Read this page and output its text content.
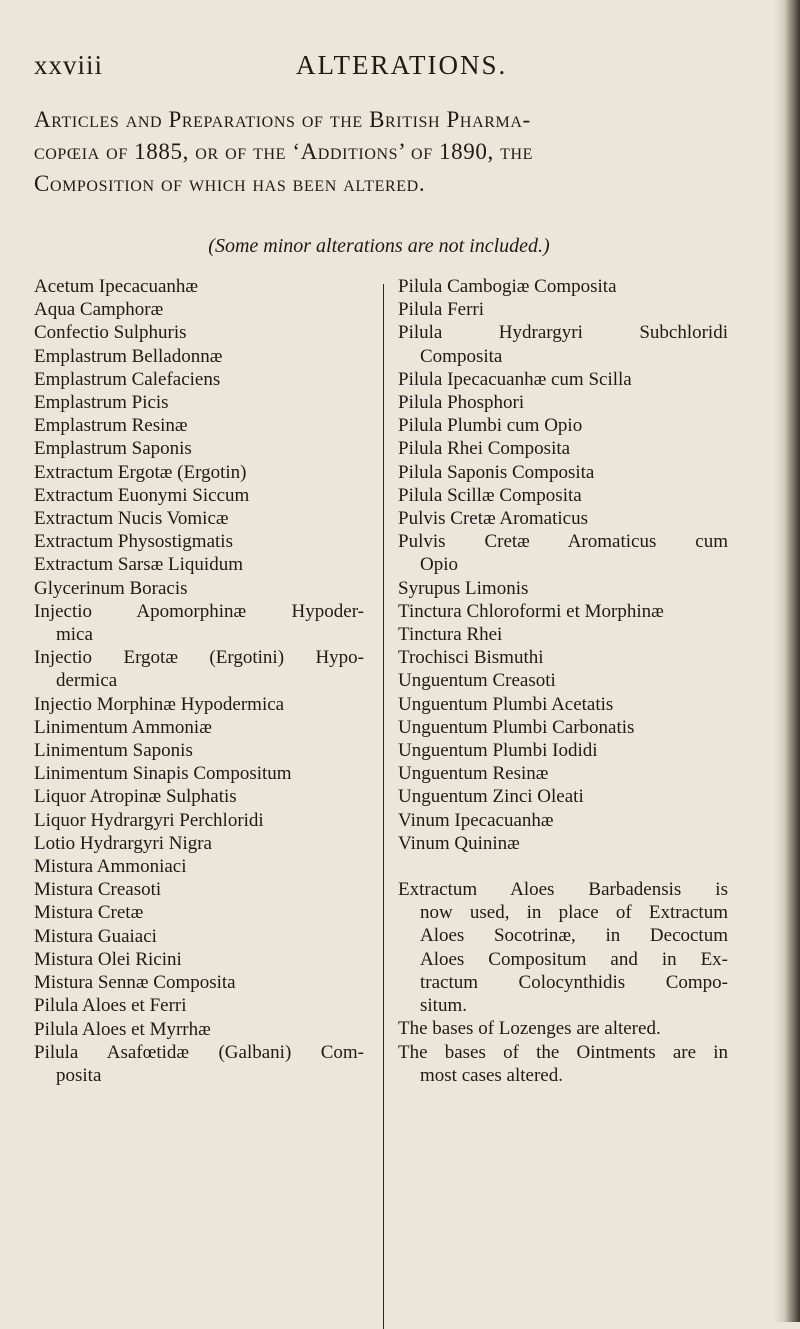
xxviii	ALTERATIONS.

Articles and Preparations of the British Pharma-

copœia of 1885, or of the ‘Additions’ of 1890, the

Composition of which has been altered.

(Some minor alterations are not included.)

Acetum Ipecacuanhæ

Aqua Camphoræ

Confectio Sulphuris

Emplastrum Belladonnæ

Emplastrum Calefaciens

Emplastrum Picis

Emplastrum Resinæ

Emplastrum Saponis

Extractum Ergotæ (Ergotin)

Extractum Euonymi Siccum

Extractum Nucis Vomicæ

Extractum Physostigmatis

Extractum Sarsæ Liquidum

Glycerinum Boracis

Injectio Apomorphinæ Hypoder-
mica

Injectio Ergotæ (Ergotini) Hypo-
dermica

Injectio Morphinæ Hypodermica

Linimentum Ammoniæ

Linimentum Saponis

Linimentum Sinapis Compositum

Liquor Atropinæ Sulphatis

Liquor Hydrargyri Perchloridi

Lotio Hydrargyri Nigra

Mistura Ammoniaci

Mistura Creasoti

Mistura Cretæ

Mistura Guaiaci

Mistura Olei Ricini

Mistura Sennæ Composita

Pilula Aloes et Ferri

Pilula Aloes et Myrrhæ

Pilula Asafœtidæ (Galbani) Com-
posita

Pilula Cambogiæ Composita

Pilula Ferri

Pilula Hydrargyri Subchloridi
Composita

Pilula Ipecacuanhæ cum Scilla

Pilula Phosphori

Pilula Plumbi cum Opio

Pilula Rhei Composita

Pilula Saponis Composita

Pilula Scillæ Composita

Pulvis Cretæ Aromaticus

Pulvis Cretæ Aromaticus cum
Opio

Syrupus Limonis

Tinctura Chloroformi et Morphinæ

Tinctura Rhei

Trochisci Bismuthi

Unguentum Creasoti

Unguentum Plumbi Acetatis

Unguentum Plumbi Carbonatis

Unguentum Plumbi Iodidi

Unguentum Resinæ

Unguentum Zinci Oleati

Vinum Ipecacuanhæ

Vinum Quininæ

Extractum Aloes Barbadensis is
now used, in place of Extractum
Aloes Socotrinæ, in Decoctum
Aloes Compositum and in Ex-
tractum Colocynthidis Compo-
situm.

The bases of Lozenges are altered.

The bases of the Ointments are in
most cases altered.
